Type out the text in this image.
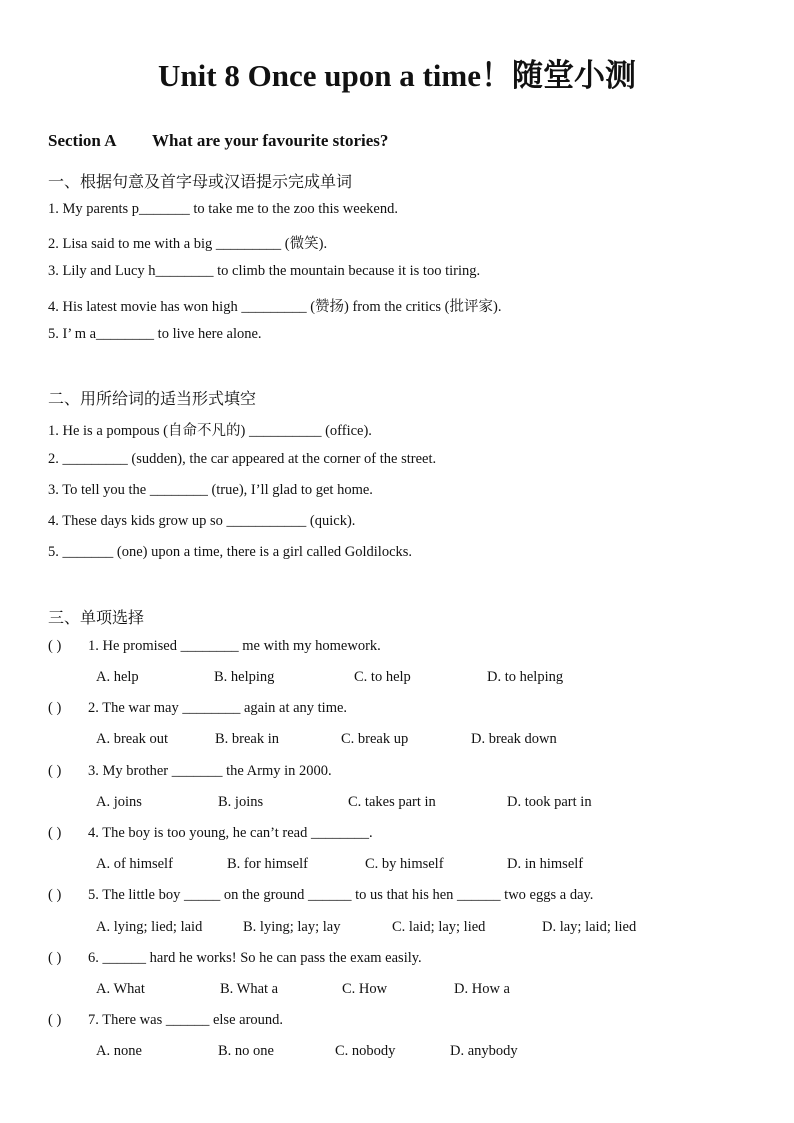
Unit 8 Once upon a time！随堂小测
Section A What are your favourite stories?
一、根据句意及首字母或汉语提示完成单词
1. My parents p_______ to take me to the zoo this weekend.
2. Lisa said to me with a big _________ (微笑).
3. Lily and Lucy h________ to climb the mountain because it is too tiring.
4. His latest movie has won high _________ (赞扬) from the critics (批评家).
5. I’ m a________ to live here alone.
二、用所给词的适当形式填空
1. He is a pompous (自命不凡的) __________ (office).
2. _________ (sudden), the car appeared at the corner of the street.
3. To tell you the ________ (true), I’ll glad to get home.
4. These days kids grow up so ___________ (quick).
5. _______ (one) upon a time, there is a girl called Goldilocks.
三、单项选择
( ) 1. He promised ________ me with my homework.
A. help	B. helping	C. to help	D. to helping
( ) 2. The war may ________ again at any time.
A. break out	B. break in	C. break up	D. break down
( ) 3. My brother _______ the Army in 2000.
A. joins	B. joins	C. takes part in	D. took part in
( ) 4. The boy is too young, he can’t read ________.
A. of himself	B. for himself	C. by himself	D. in himself
( ) 5. The little boy _____ on the ground ______ to us that his hen ______ two eggs a day.
A. lying; lied; laid	B. lying; lay; lay	C. laid; lay; lied	D. lay; laid; lied
( ) 6. ______ hard he works! So he can pass the exam easily.
A. What	B. What a	C. How	D. How a
( ) 7. There was ______ else around.
A. none	B. no one	C. nobody	D. anybody
